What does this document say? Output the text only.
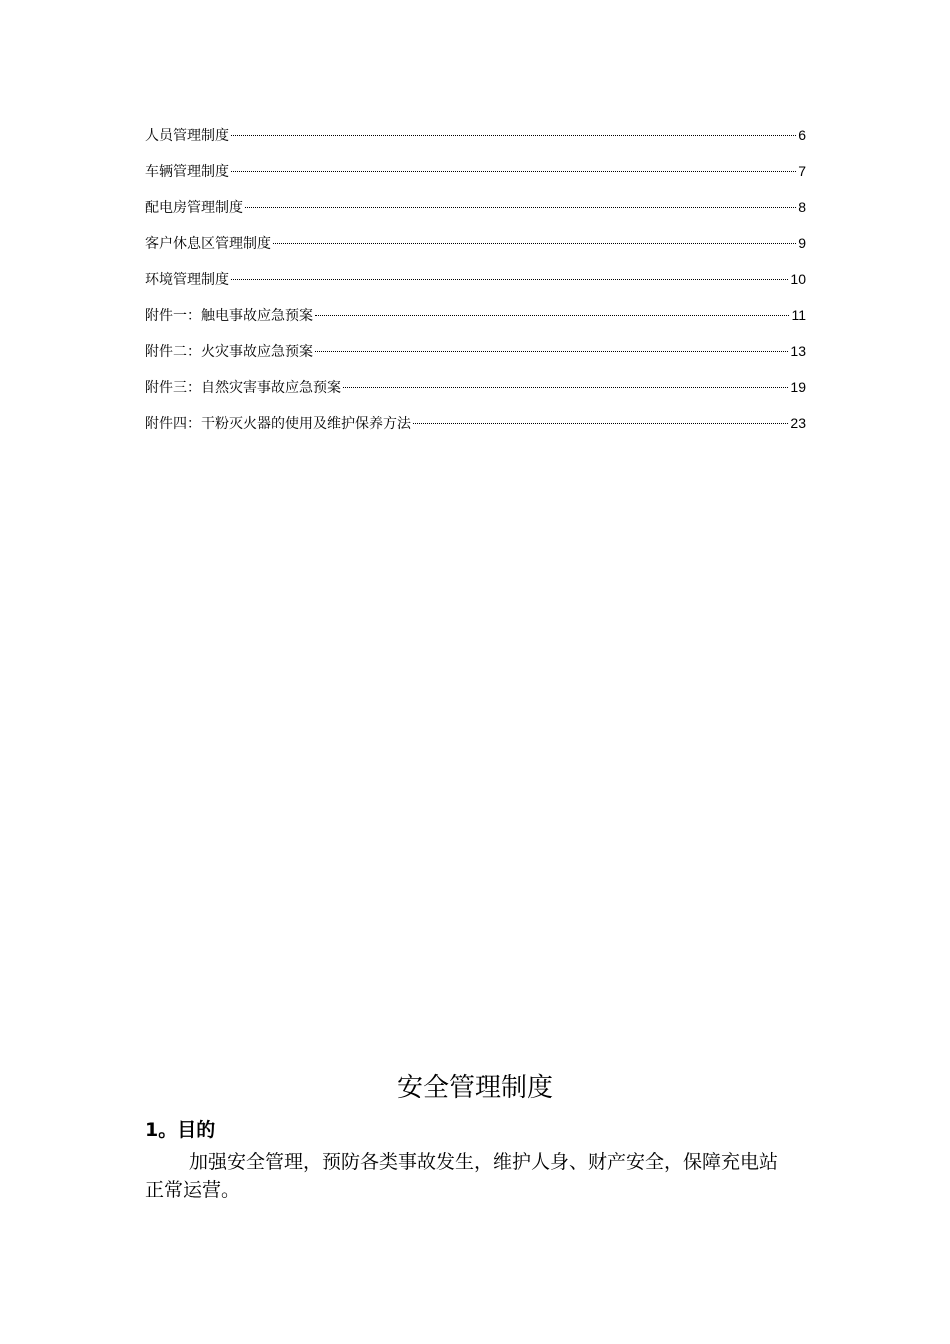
人员管理制度	6
车辆管理制度	7
配电房管理制度	8
客户休息区管理制度	9
环境管理制度	10
附件一：触电事故应急预案	11
附件二：火灾事故应急预案	13
附件三：自然灾害事故应急预案	19
附件四：干粉灭火器的使用及维护保养方法	23
安全管理制度
1。目的

加强安全管理，预防各类事故发生，维护人身、财产安全，保障充电站正常运营。
